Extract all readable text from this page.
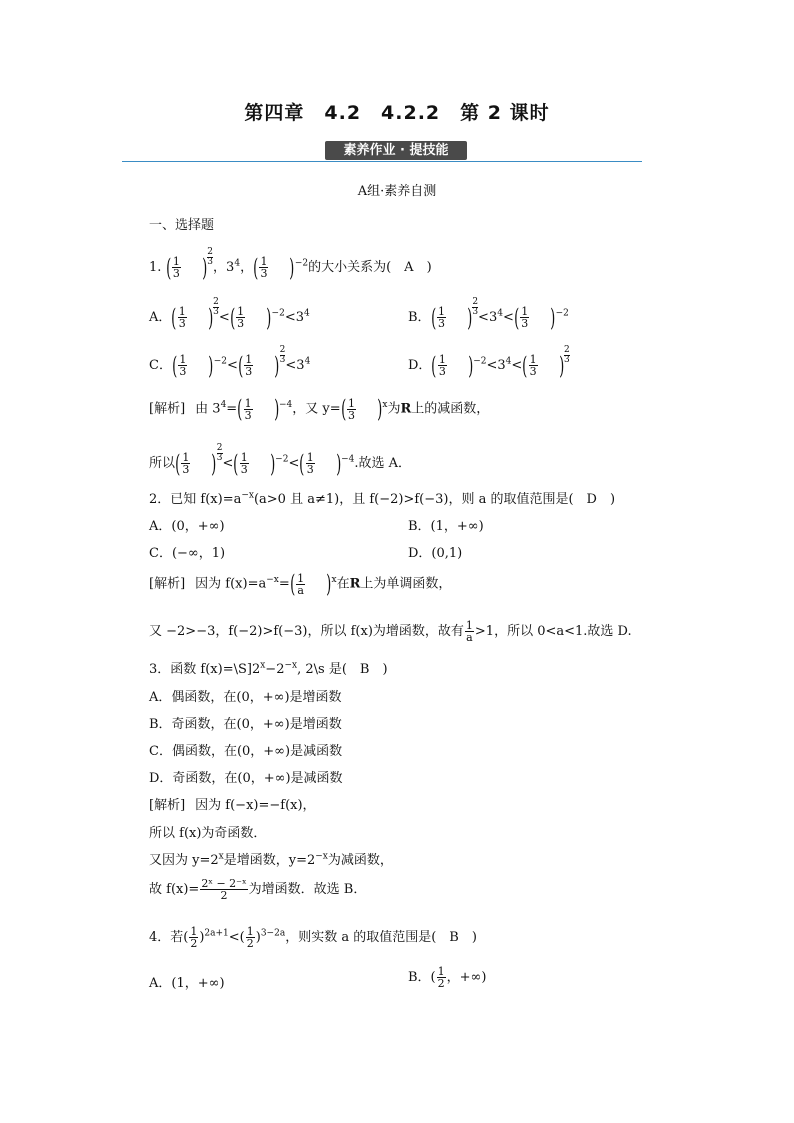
第四章　4.2　4.2.2　第 2 课时
素养作业 · 提技能
A组·素养自测
一、选择题
1. ( $\frac{1}{3}$ ) $\frac{2}{3}$，$3^4$，( $\frac{1}{3} )^{-2}$的大小关系为(　A　)
A．( $\frac{1}{3}$ ) $\frac{2}{3}<( \frac{1}{3} )^{-2}<3^4$	B．( $\frac{1}{3}$ ) $\frac{2}{3}<3^4<( \frac{1}{3} )^{-2}$
C．( $\frac{1}{3} )^{-2}<( \frac{1}{3}$ ) $\frac{2}{3}<3^4$	D．( $\frac{1}{3} )^{-2}<3^4<( \frac{1}{3}$ ) $\frac{2}{3}$
[解析] 由 $3^4=( \frac{1}{3} )^{-4}$，又 $y=( \frac{1}{3} )^x$为R上的减函数，
所以( $\frac{1}{3}$ ) $\frac{2}{3}<( \frac{1}{3} )^{-2}<( \frac{1}{3} )^{-4}$.故选 A．
2．已知 $f(x)=a^{-x}(a>0$ 且 a≠1)，且 f(−2)>f(−3)，则 a 的取值范围是(　D　)
A．(0，+∞)	B．(1，+∞)
C．(−∞，1)	D．(0,1)
[解析] 因为 $f(x)=a^{-x}=( \frac{1}{a} )^x$在R上为单调函数，
又 −2>−3，f(−2)>f(−3)，所以 f(x)为增函数，故有 $\frac{1}{a} >1$，所以 0<a<1.故选 D.
3．函数 $f(x)=\backslash S]2^x-2^{-x}$, 2\s 是(　B　)
A．偶函数，在(0，+∞)是增函数
B．奇函数，在(0，+∞)是增函数
C．偶函数，在(0，+∞)是减函数
D．奇函数，在(0，+∞)是减函数
[解析] 因为 f(−x)=−f(x)，
所以 f(x)为奇函数．
又因为 $y=2^x$是增函数，$y=2^{-x}$为减函数，
故 $f(x)= \frac{\text{2ˣ − 2⁻ˣ}}{2}$ 为增函数．故选 B．
4．若( $\frac{1}{2} )^{2a+1}<( \frac{1}{2} )^{3-2a}$，则实数 a 的取值范围是(　B　)
A．(1，+∞)	B．( $\frac{1}{2}$ ，+∞)
